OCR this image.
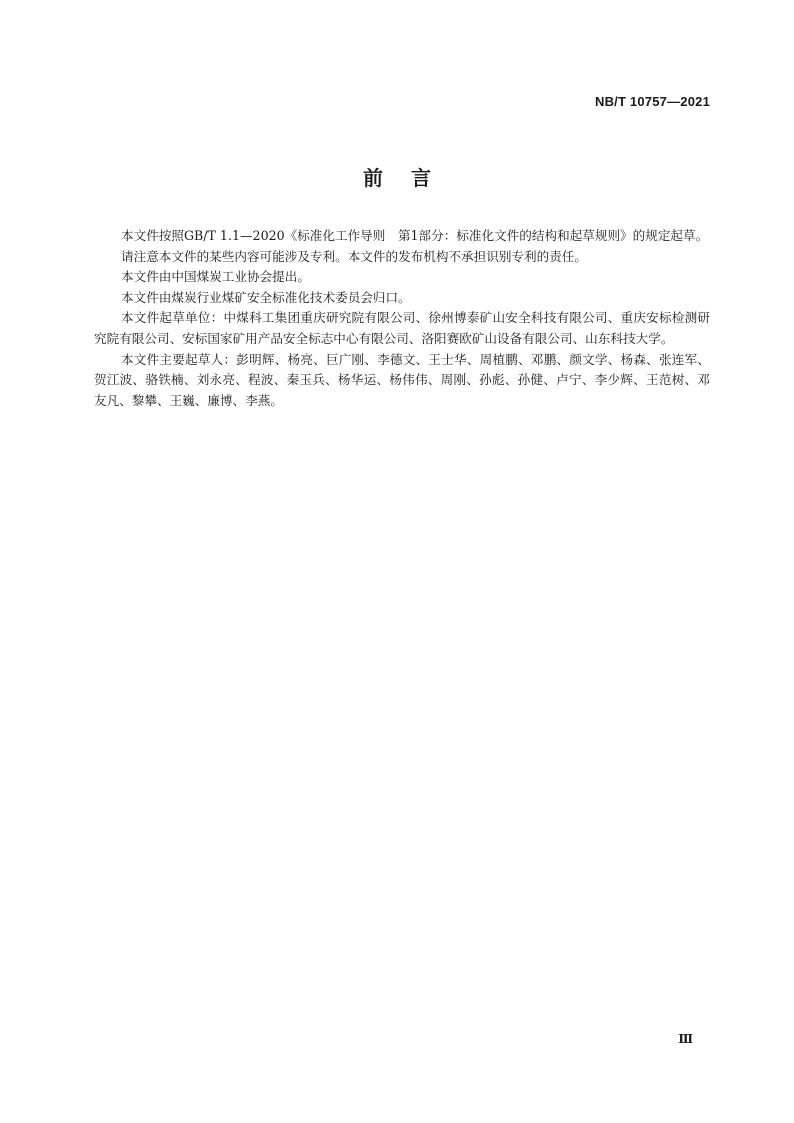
NB/T 10757—2021
前言

本文件按照GB/T 1.1—2020《标准化工作导则　第1部分：标准化文件的结构和起草规则》的规定起草。

请注意本文件的某些内容可能涉及专利。本文件的发布机构不承担识别专利的责任。

本文件由中国煤炭工业协会提出。

本文件由煤炭行业煤矿安全标准化技术委员会归口。

本文件起草单位：中煤科工集团重庆研究院有限公司、徐州博泰矿山安全科技有限公司、重庆安标检测研究院有限公司、安标国家矿用产品安全标志中心有限公司、洛阳赛欧矿山设备有限公司、山东科技大学。

本文件主要起草人：彭明辉、杨亮、巨广刚、李德文、王士华、周植鹏、邓鹏、颜文学、杨森、张连军、贺江波、骆铁楠、刘永亮、程波、秦玉兵、杨华运、杨伟伟、周刚、孙彪、孙健、卢宁、李少辉、王范树、邓友凡、黎攀、王巍、廉博、李燕。

Ⅲ
